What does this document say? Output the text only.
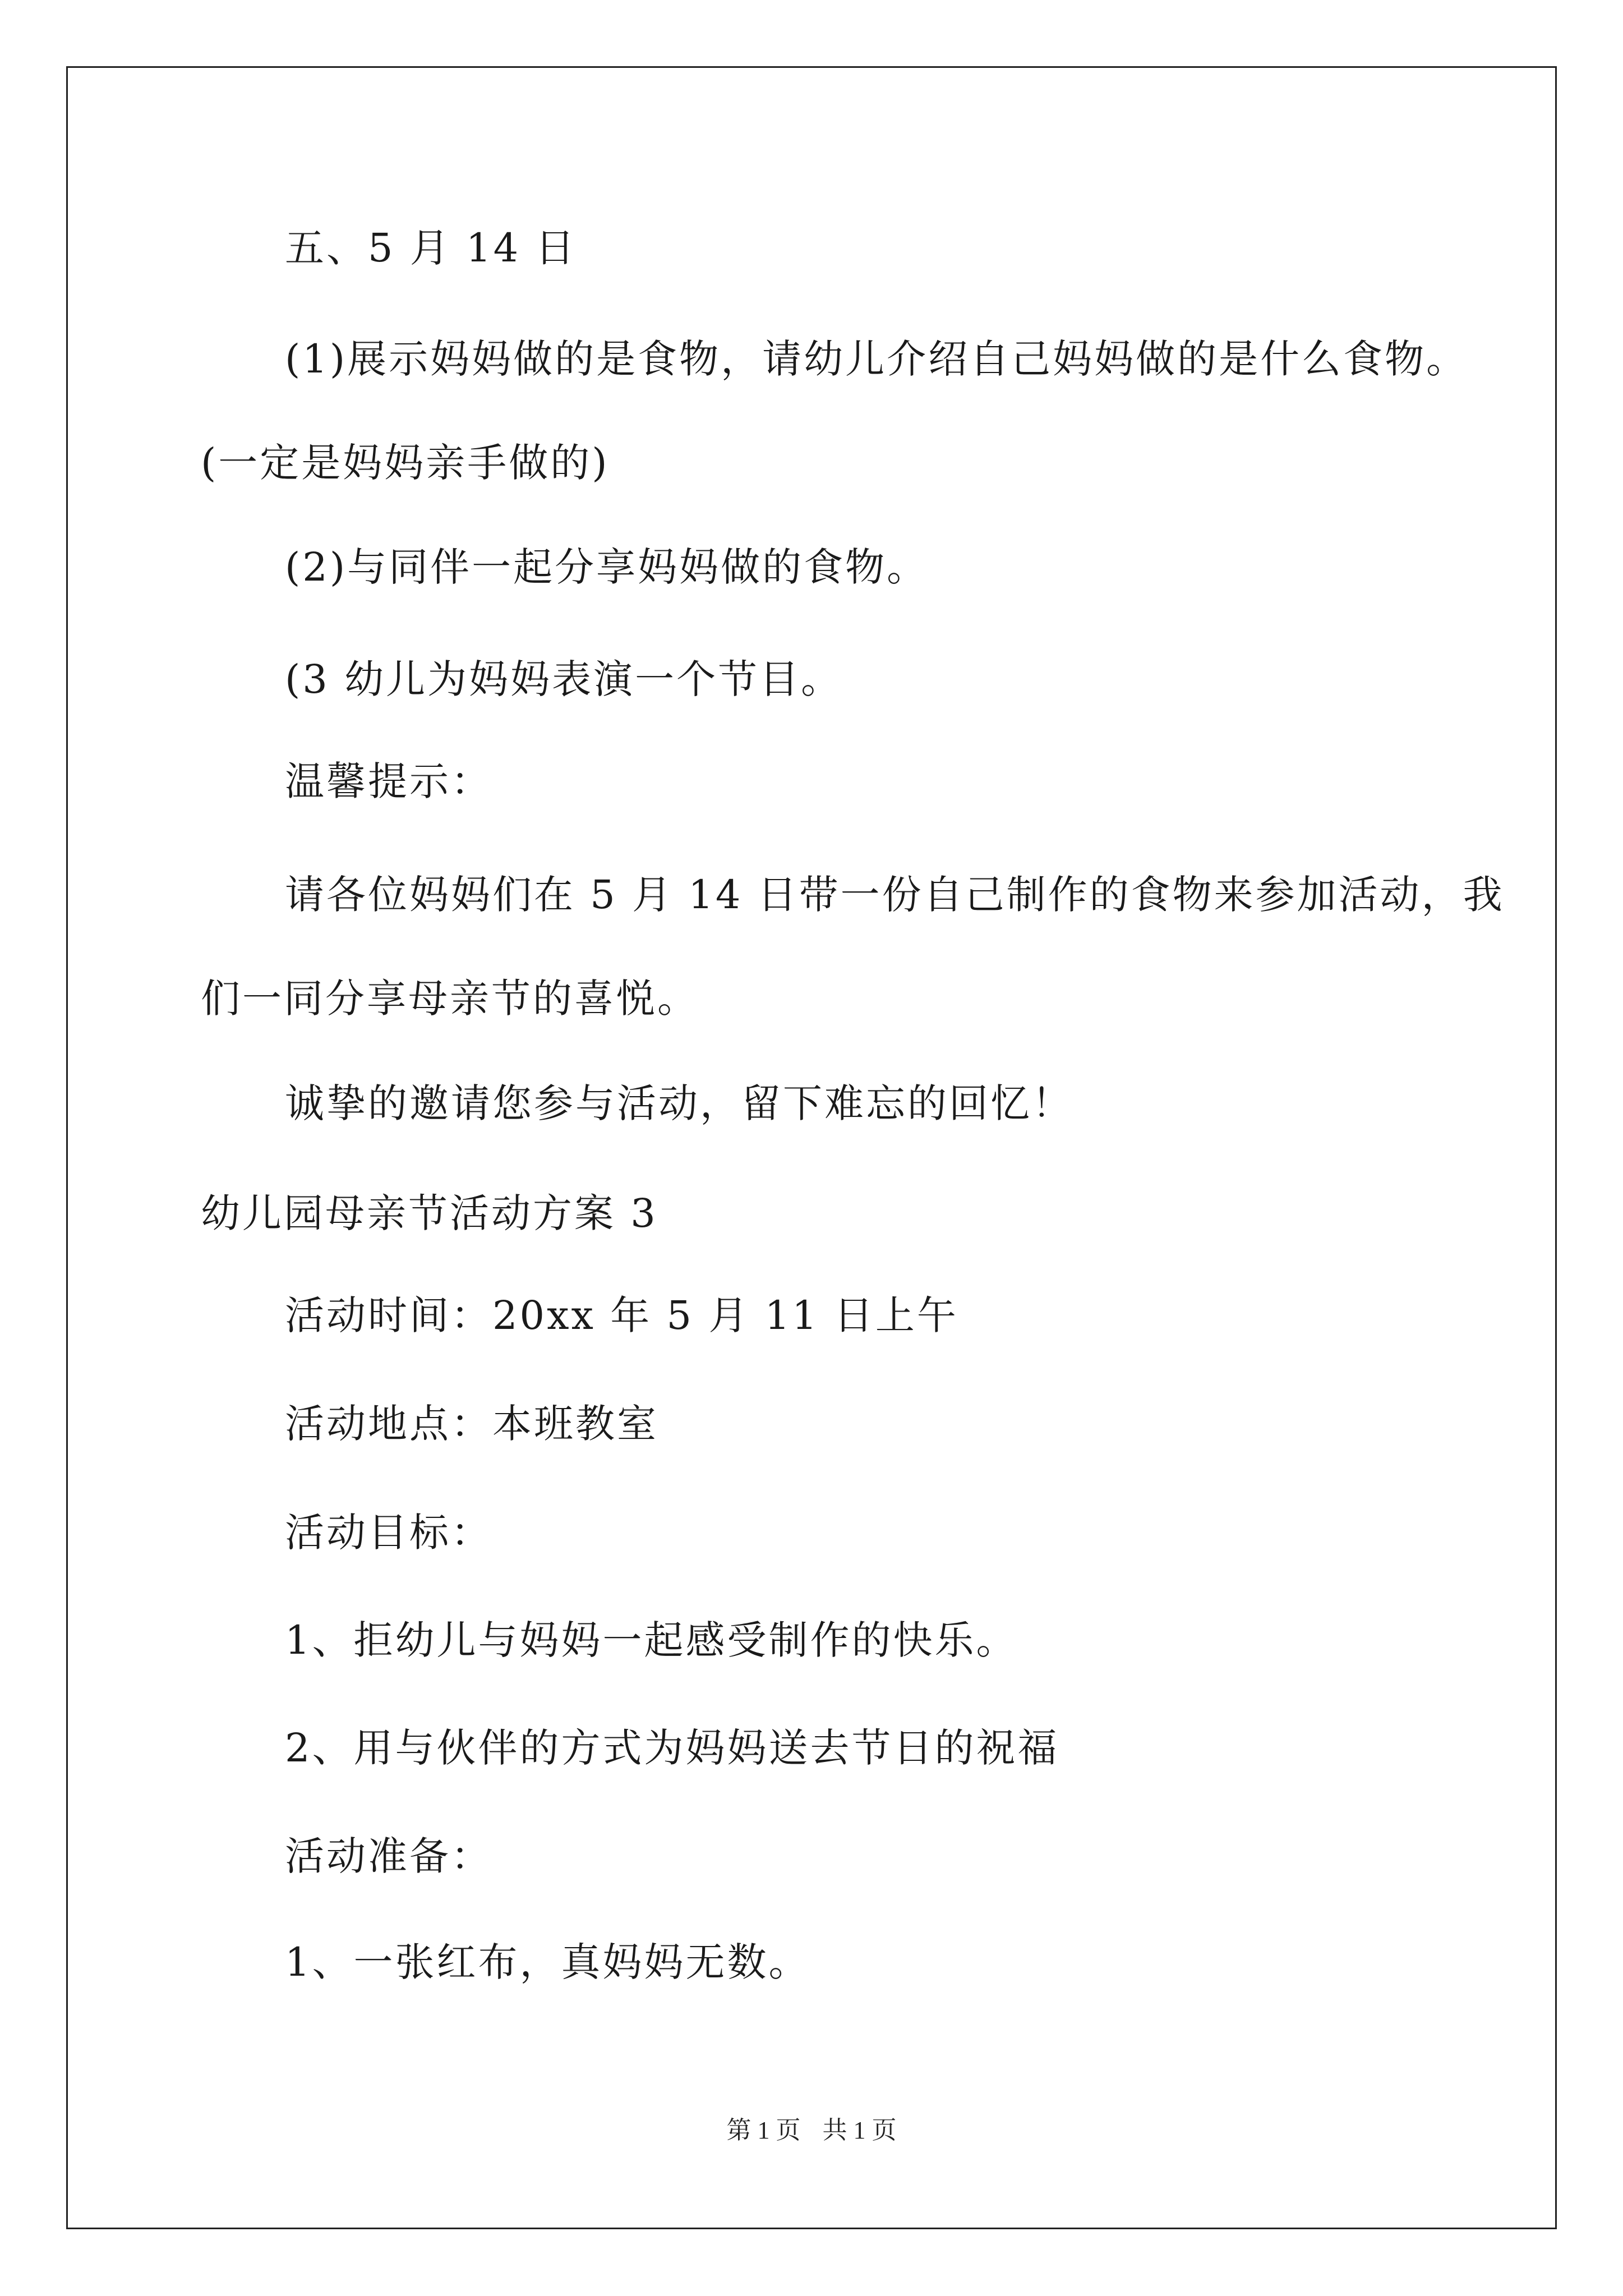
五、5 月 14 日
(1)展示妈妈做的是食物，请幼儿介绍自己妈妈做的是什么食物。
(一定是妈妈亲手做的)
(2)与同伴一起分享妈妈做的食物。
(3 幼儿为妈妈表演一个节目。
温馨提示：
请各位妈妈们在 5 月 14 日带一份自己制作的食物来参加活动，我
们一同分享母亲节的喜悦。
诚挚的邀请您参与活动，留下难忘的回忆！
幼儿园母亲节活动方案 3
活动时间：20xx 年 5 月 11 日上午
活动地点：本班教室
活动目标：
1、拒幼儿与妈妈一起感受制作的快乐。
2、用与伙伴的方式为妈妈送去节日的祝福
活动准备：
1、一张红布，真妈妈无数。
第 1 页 共 1 页
